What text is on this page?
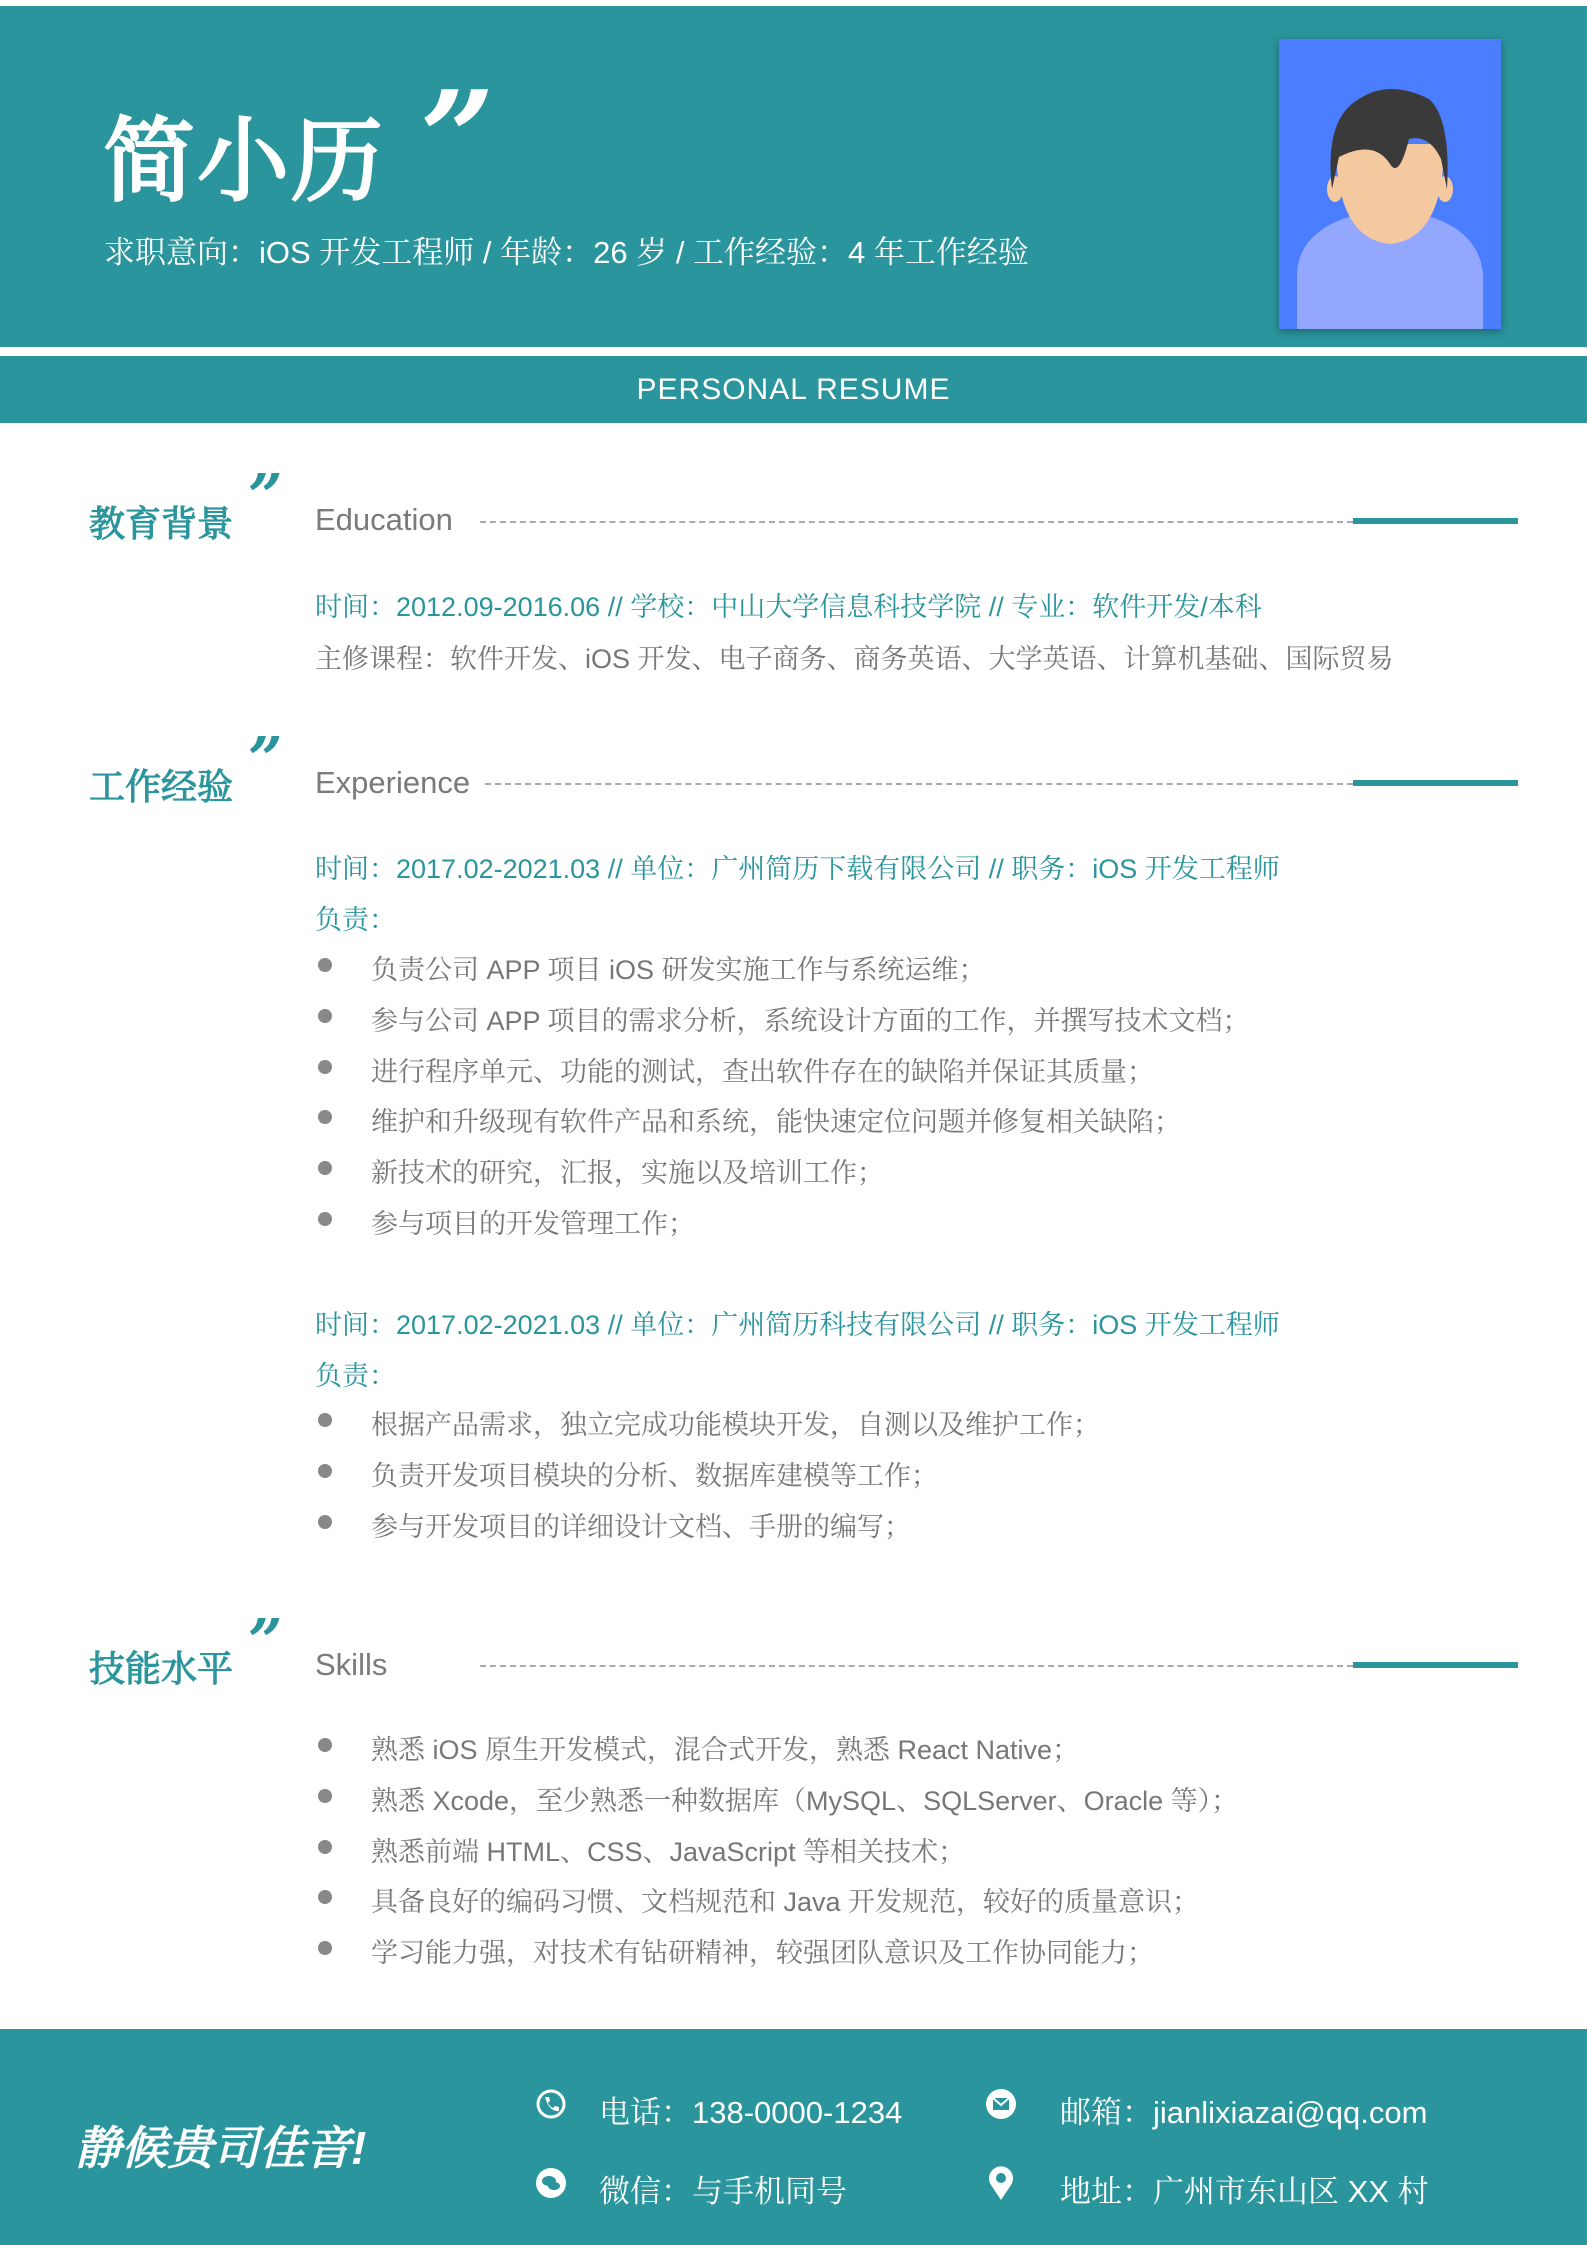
简小历 ”
求职意向：iOS 开发工程师 / 年龄：26 岁 / 工作经验：4 年工作经验
PERSONAL RESUME
教育背景 ” Education
时间：2012.09-2016.06 // 学校：中山大学信息科技学院 // 专业：软件开发/本科
主修课程：软件开发、iOS 开发、电子商务、商务英语、大学英语、计算机基础、国际贸易
工作经验 ” Experience
时间：2017.02-2021.03 // 单位：广州简历下载有限公司 // 职务：iOS 开发工程师
负责：
负责公司 APP 项目 iOS 研发实施工作与系统运维；
参与公司 APP 项目的需求分析，系统设计方面的工作，并撰写技术文档；
进行程序单元、功能的测试，查出软件存在的缺陷并保证其质量；
维护和升级现有软件产品和系统，能快速定位问题并修复相关缺陷；
新技术的研究，汇报，实施以及培训工作；
参与项目的开发管理工作；
时间：2017.02-2021.03 // 单位：广州简历科技有限公司 // 职务：iOS 开发工程师
负责：
根据产品需求，独立完成功能模块开发，自测以及维护工作；
负责开发项目模块的分析、数据库建模等工作；
参与开发项目的详细设计文档、手册的编写；
技能水平 ” Skills
熟悉 iOS 原生开发模式，混合式开发，熟悉 React Native；
熟悉 Xcode，至少熟悉一种数据库（MySQL、SQLServer、Oracle 等）；
熟悉前端 HTML、CSS、JavaScript 等相关技术；
具备良好的编码习惯、文档规范和 Java 开发规范，较好的质量意识；
学习能力强，对技术有钻研精神，较强团队意识及工作协同能力；
静候贵司佳音!
电话：138-0000-1234	邮箱：jianlixiazai@qq.com
微信：与手机同号	地址：广州市东山区 XX 村
